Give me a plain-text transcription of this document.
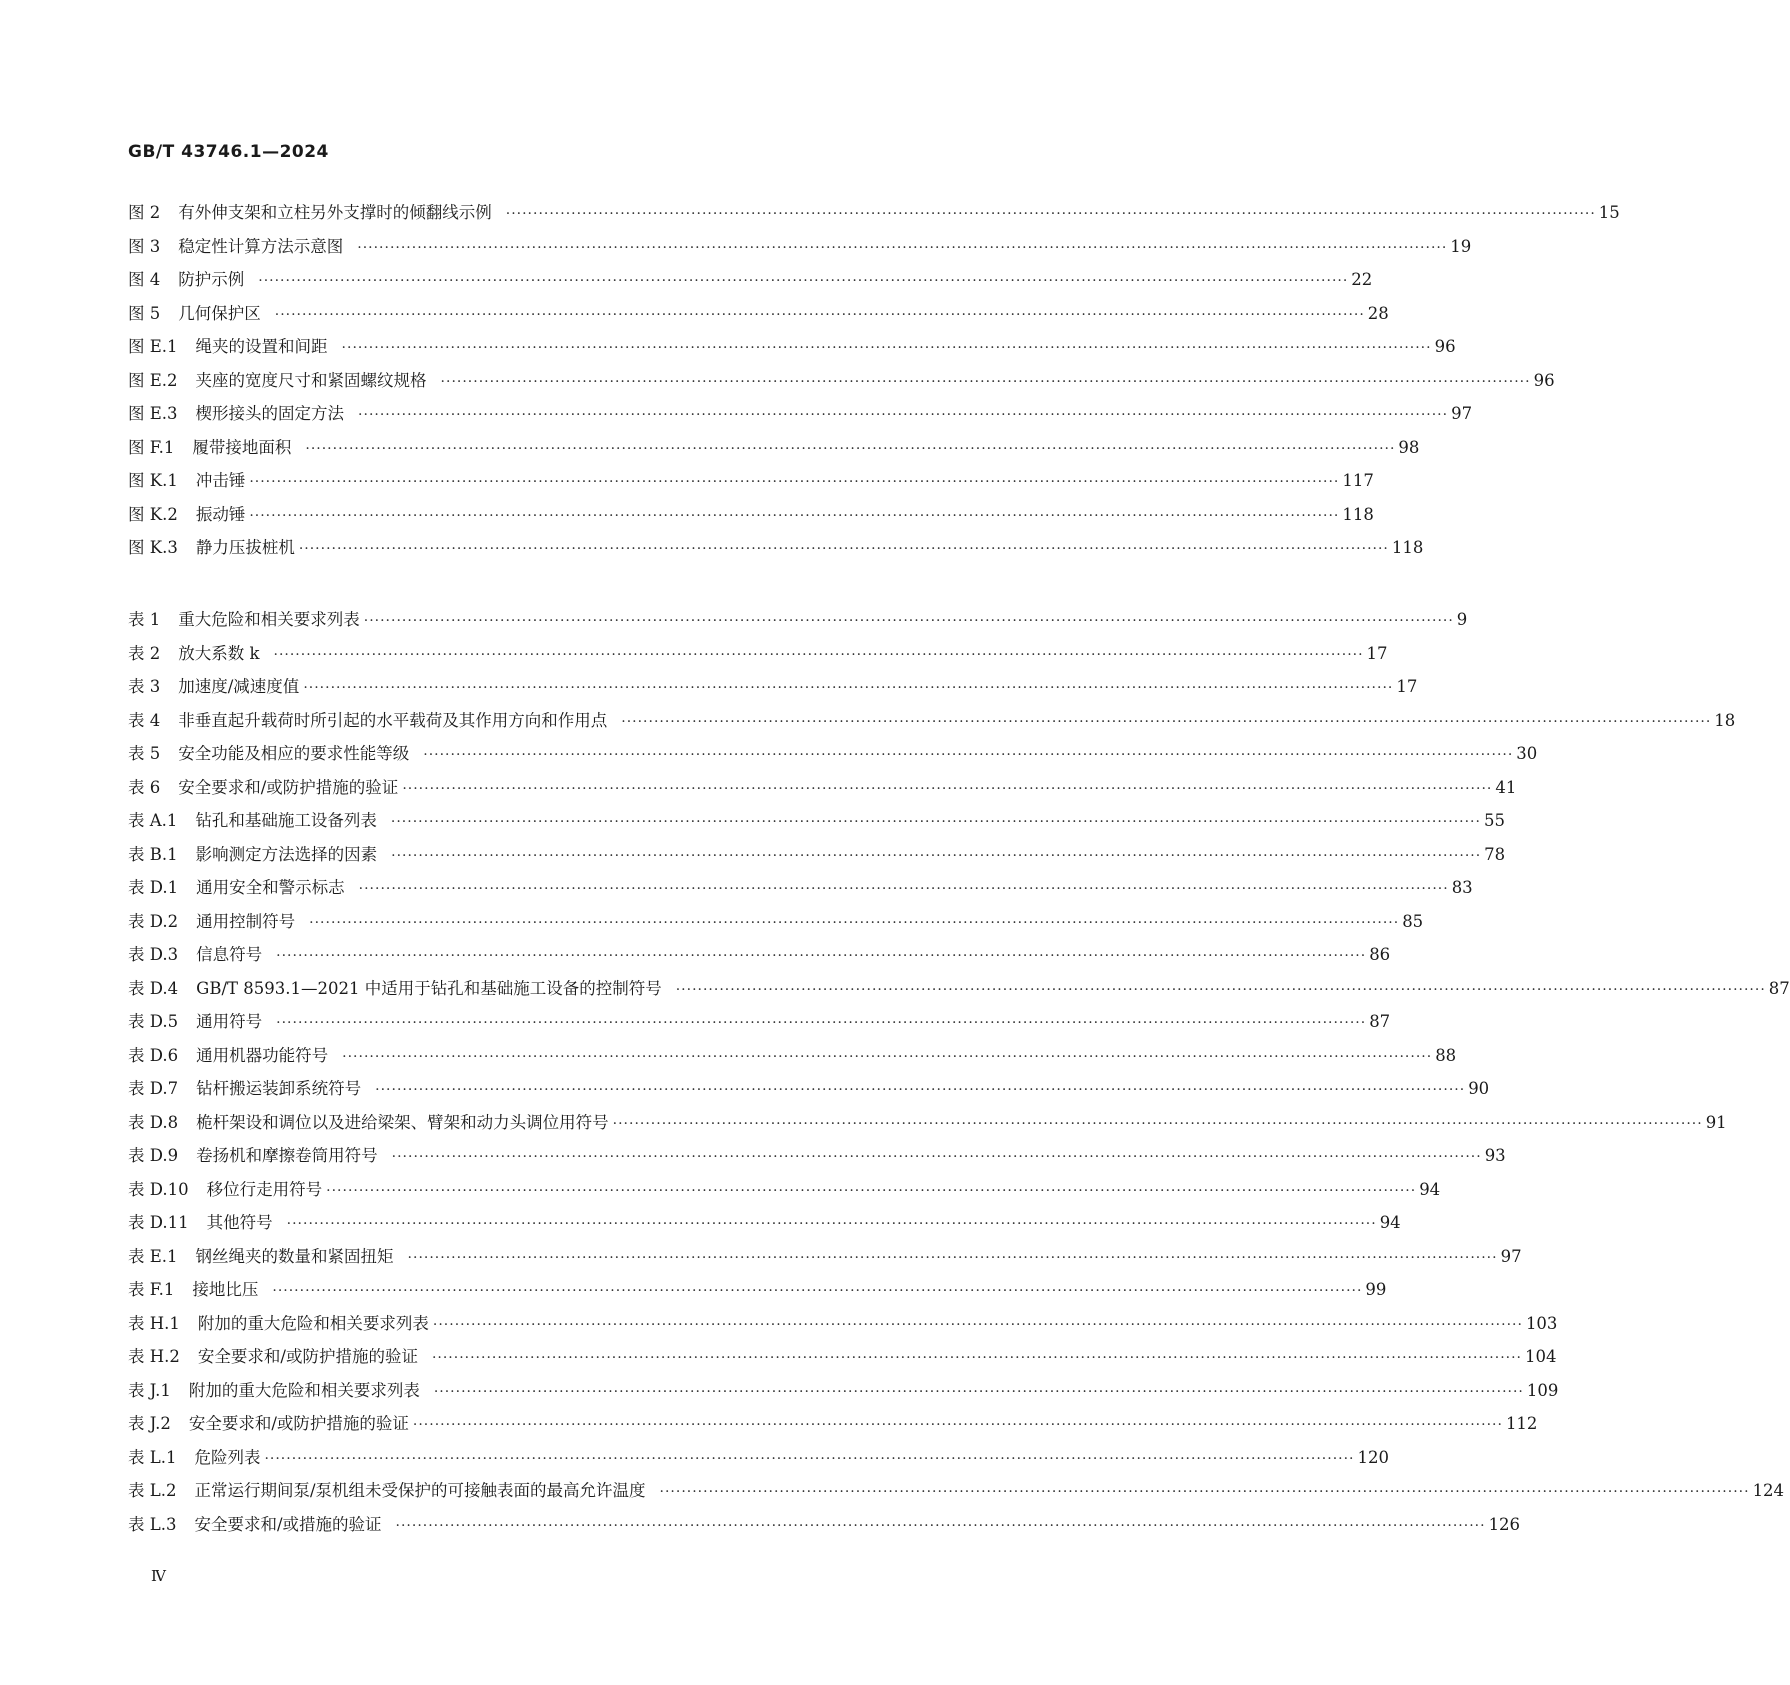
GB/T 43746.1—2024
图 2 有外伸支架和立柱另外支撑时的倾翻线示例 ········································································································································································································ 15
图 3 稳定性计算方法示意图 ········································································································································································································ 19
图 4 防护示例 ········································································································································································································ 22
图 5 几何保护区 ········································································································································································································ 28
图 E.1 绳夹的设置和间距 ········································································································································································································ 96
图 E.2 夹座的宽度尺寸和紧固螺纹规格 ········································································································································································································ 96
图 E.3 楔形接头的固定方法 ········································································································································································································ 97
图 F.1 履带接地面积 ········································································································································································································ 98
图 K.1 冲击锤 ········································································································································································································ 117
图 K.2 振动锤 ········································································································································································································ 118
图 K.3 静力压拔桩机 ········································································································································································································ 118
表 1 重大危险和相关要求列表 ········································································································································································································ 9
表 2 放大系数 k ········································································································································································································ 17
表 3 加速度/减速度值 ········································································································································································································ 17
表 4 非垂直起升载荷时所引起的水平载荷及其作用方向和作用点 ········································································································································································································ 18
表 5 安全功能及相应的要求性能等级 ········································································································································································································ 30
表 6 安全要求和/或防护措施的验证 ········································································································································································································ 41
表 A.1 钻孔和基础施工设备列表 ········································································································································································································ 55
表 B.1 影响测定方法选择的因素 ········································································································································································································ 78
表 D.1 通用安全和警示标志 ········································································································································································································ 83
表 D.2 通用控制符号 ········································································································································································································ 85
表 D.3 信息符号 ········································································································································································································ 86
表 D.4 GB/T 8593.1—2021 中适用于钻孔和基础施工设备的控制符号 ········································································································································································································ 87
表 D.5 通用符号 ········································································································································································································ 87
表 D.6 通用机器功能符号 ········································································································································································································ 88
表 D.7 钻杆搬运装卸系统符号 ········································································································································································································ 90
表 D.8 桅杆架设和调位以及进给梁架、臂架和动力头调位用符号 ········································································································································································································ 91
表 D.9 卷扬机和摩擦卷筒用符号 ········································································································································································································ 93
表 D.10 移位行走用符号 ········································································································································································································ 94
表 D.11 其他符号 ········································································································································································································ 94
表 E.1 钢丝绳夹的数量和紧固扭矩 ········································································································································································································ 97
表 F.1 接地比压 ········································································································································································································ 99
表 H.1 附加的重大危险和相关要求列表 ········································································································································································································ 103
表 H.2 安全要求和/或防护措施的验证 ········································································································································································································ 104
表 J.1 附加的重大危险和相关要求列表 ········································································································································································································ 109
表 J.2 安全要求和/或防护措施的验证 ········································································································································································································ 112
表 L.1 危险列表 ········································································································································································································ 120
表 L.2 正常运行期间泵/泵机组未受保护的可接触表面的最高允许温度 ········································································································································································································ 124
表 L.3 安全要求和/或措施的验证 ········································································································································································································ 126
Ⅳ
